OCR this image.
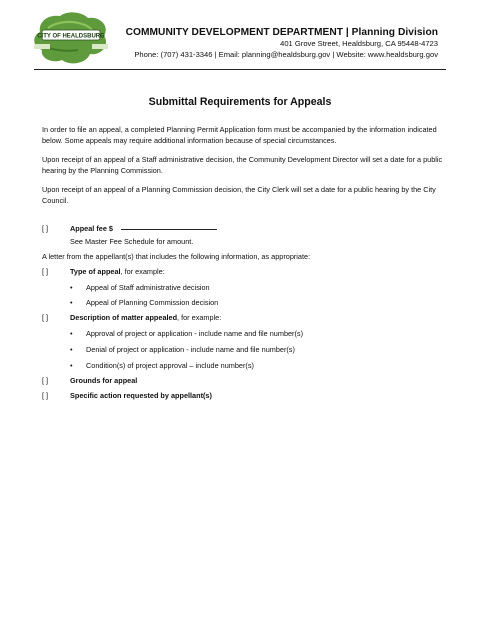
CITY OF HEALDSBURG COMMUNITY DEVELOPMENT DEPARTMENT | Planning Division
401 Grove Street, Healdsburg, CA 95448-4723
Phone: (707) 431-3346 | Email: planning@healdsburg.gov | Website: www.healdsburg.gov
Submittal Requirements for Appeals
In order to file an appeal, a completed Planning Permit Application form must be accompanied by the information indicated below. Some appeals may require additional information because of special circumstances.
Upon receipt of an appeal of a Staff administrative decision, the Community Development Director will set a date for a public hearing by the Planning Commission.
Upon receipt of an appeal of a Planning Commission decision, the City Clerk will set a date for a public hearing by the City Council.
[ ]	Appeal fee $
See Master Fee Schedule for amount.
A letter from the appellant(s) that includes the following information, as appropriate:
[ ]	Type of appeal, for example:
• Appeal of Staff administrative decision
• Appeal of Planning Commission decision
[ ]	Description of matter appealed, for example:
• Approval of project or application - include name and file number(s)
• Denial of project or application - include name and file number(s)
• Condition(s) of project approval – include number(s)
[ ]	Grounds for appeal
[ ]	Specific action requested by appellant(s)
